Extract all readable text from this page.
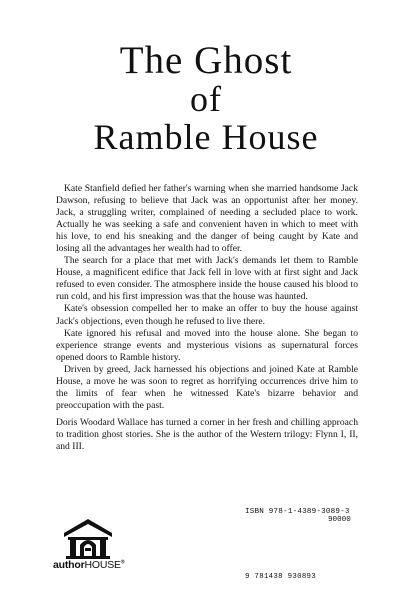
The Ghost
of
Ramble House

Kate Stanfield defied her father's warning when she married handsome Jack Dawson, refusing to believe that Jack was an opportunist after her money. Jack, a struggling writer, complained of needing a secluded place to work. Actually he was seeking a safe and convenient haven in which to meet with his love, to end his sneaking and the danger of being caught by Kate and losing all the advantages her wealth had to offer.

The search for a place that met with Jack's demands let them to Ramble House, a magnificent edifice that Jack fell in love with at first sight and Jack refused to even consider. The atmosphere inside the house caused his blood to run cold, and his first impression was that the house was haunted.

Kate's obsession compelled her to make an offer to buy the house against Jack's objections, even though he refused to live there.

Kate ignored his refusal and moved into the house alone. She began to experience strange events and mysterious visions as supernatural forces opened doors to Ramble history.

Driven by greed, Jack harnessed his objections and joined Kate at Ramble House, a move he was soon to regret as horrifying occurrences drive him to the limits of fear when he witnessed Kate's bizarre behavior and preoccupation with the past.

Doris Woodard Wallace has turned a corner in her fresh and chilling approach to tradition ghost stories. She is the author of the Western trilogy: Flynn I, II, and III.
authorHOUSE®
ISBN 978-1-4389-3089-3
90000
9 781438 930893
